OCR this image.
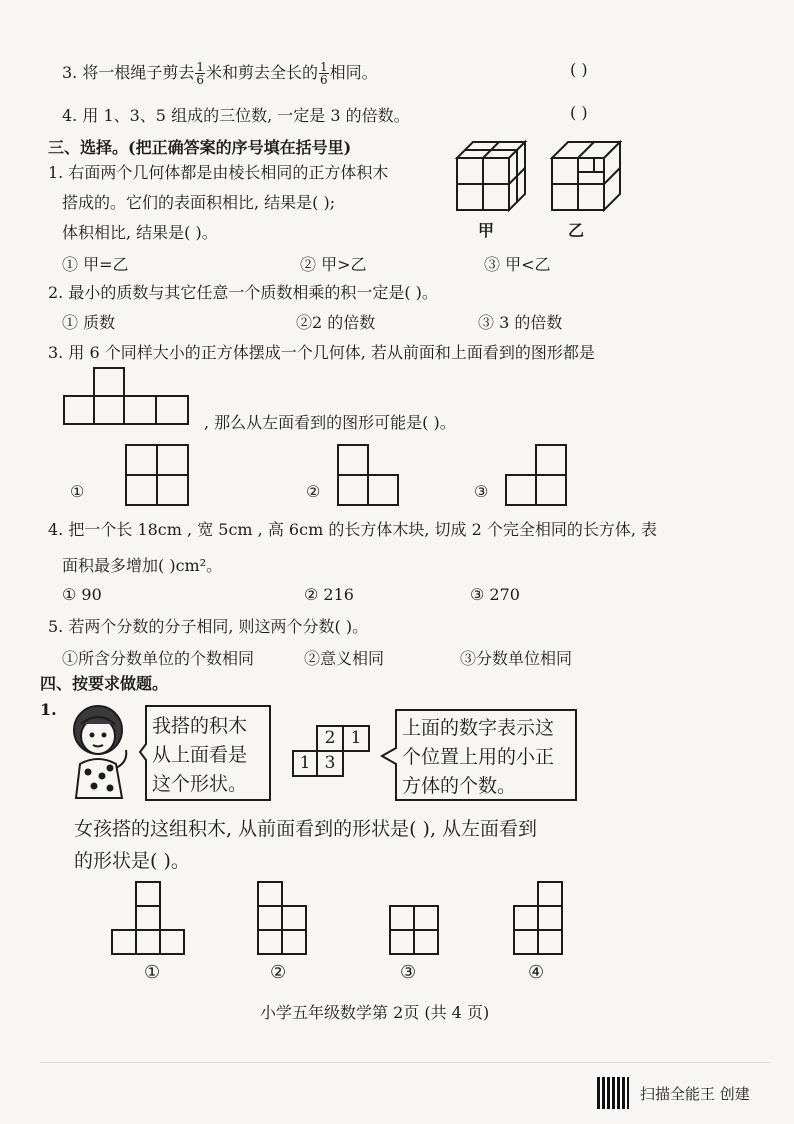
3. 将一根绳子剪去 $\frac{1}{6}$ 米和剪去全长的 $\frac{1}{6}$ 相同。	( )
4. 用 1、3、5 组成的三位数, 一定是 3 的倍数。	( )
三、选择。(把正确答案的序号填在括号里)
1. 右面两个几何体都是由棱长相同的正方体积木
搭成的。它们的表面积相比, 结果是( );
体积相比, 结果是( )。	甲	乙
① 甲=乙	② 甲>乙	③ 甲<乙
2. 最小的质数与其它任意一个质数相乘的积一定是( )。
① 质数	②2 的倍数	③ 3 的倍数
3. 用 6 个同样大小的正方体摆成一个几何体, 若从前面和上面看到的图形都是
, 那么从左面看到的图形可能是( )。
①	②	③
4. 把一个长 18cm , 宽 5cm , 高 6cm 的长方体木块, 切成 2 个完全相同的长方体, 表
面积最多增加( )cm²。
① 90	② 216	③ 270
5. 若两个分数的分子相同, 则这两个分数( )。
①所含分数单位的个数相同	②意义相同	③分数单位相同
四、按要求做题。
1.
我搭的积木
从上面看是
这个形状。
2 1
1 3
上面的数字表示这
个位置上用的小正
方体的个数。
女孩搭的这组积木, 从前面看到的形状是( ), 从左面看到
的形状是( )。
①	②	③	④
小学五年级数学第 2页 (共 4 页)
扫描全能王 创建
